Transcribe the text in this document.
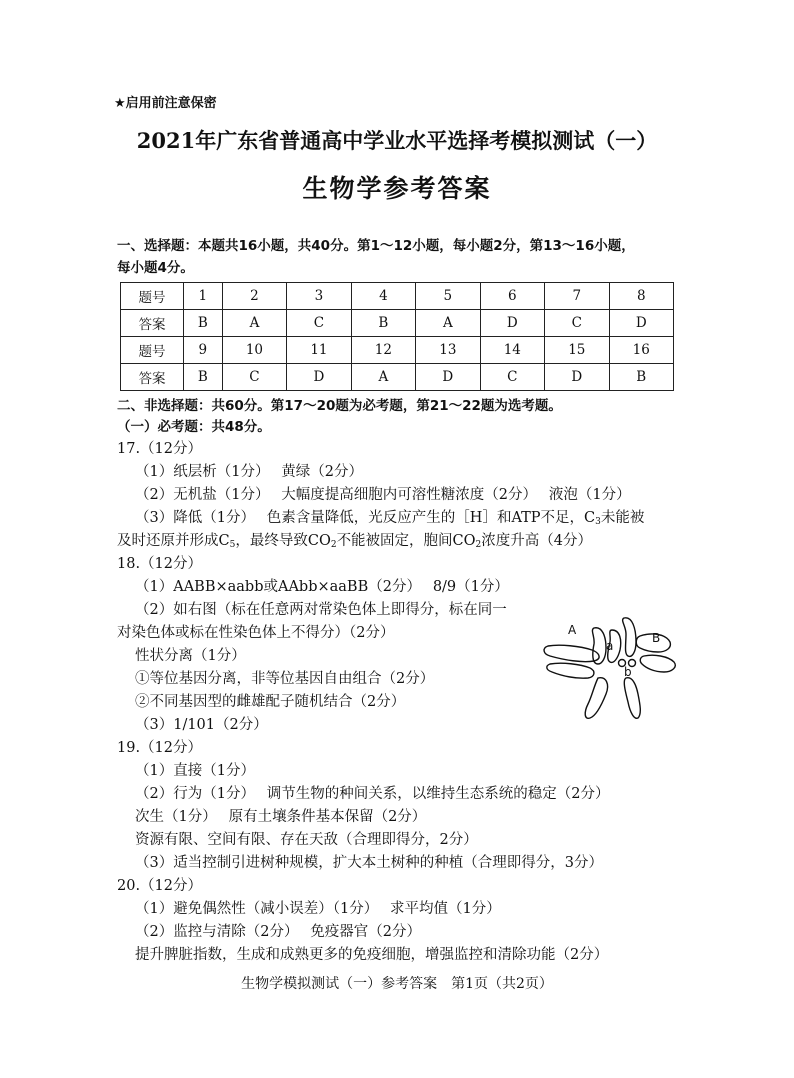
★启用前注意保密
2021年广东省普通高中学业水平选择考模拟测试（一）
生物学参考答案
一、选择题：本题共16小题，共40分。第1～12小题，每小题2分，第13～16小题，
每小题4分。
题号	1	2	3	4	5	6	7	8
答案	B	A	C	B	A	D	C	D
题号	9	10	11	12	13	14	15	16
答案	B	C	D	A	D	C	D	B
二、非选择题：共60分。第17～20题为必考题，第21～22题为选考题。
（一）必考题：共48分。
17.（12分）
（1）纸层析（1分）　 黄绿（2分）
（2）无机盐（1分）　 大幅度提高细胞内可溶性糖浓度（2分）　 液泡（1分）
（3）降低（1分）　 色素含量降低，光反应产生的［H］和ATP不足，$C_3$未能被
及时还原并形成$C_5$，最终导致$CO_2$不能被固定，胞间$CO_2$浓度升高（4分）
18.（12分）
（1）AABB×aabb或AAbb×aaBB（2分）　 8/9（1分）
（2）如右图（标在任意两对常染色体上即得分，标在同一
对染色体或标在性染色体上不得分）（2分）
性状分离（1分）
①等位基因分离，非等位基因自由组合（2分）
②不同基因型的雌雄配子随机结合（2分）
（3）1/101（2分）
A
a
B
b
19.（12分）
（1）直接（1分）
（2）行为（1分）　 调节生物的种间关系，以维持生态系统的稳定（2分）
次生（1分）　 原有土壤条件基本保留（2分）
资源有限、空间有限、存在天敌（合理即得分，2分）
（3）适当控制引进树种规模，扩大本土树种的种植（合理即得分，3分）
20.（12分）
（1）避免偶然性（减小误差）（1分）　 求平均值（1分）
（2）监控与清除（2分）　 免疫器官（2分）
提升脾脏指数，生成和成熟更多的免疫细胞，增强监控和清除功能（2分）
生物学模拟测试（一）参考答案　第1页（共2页）
